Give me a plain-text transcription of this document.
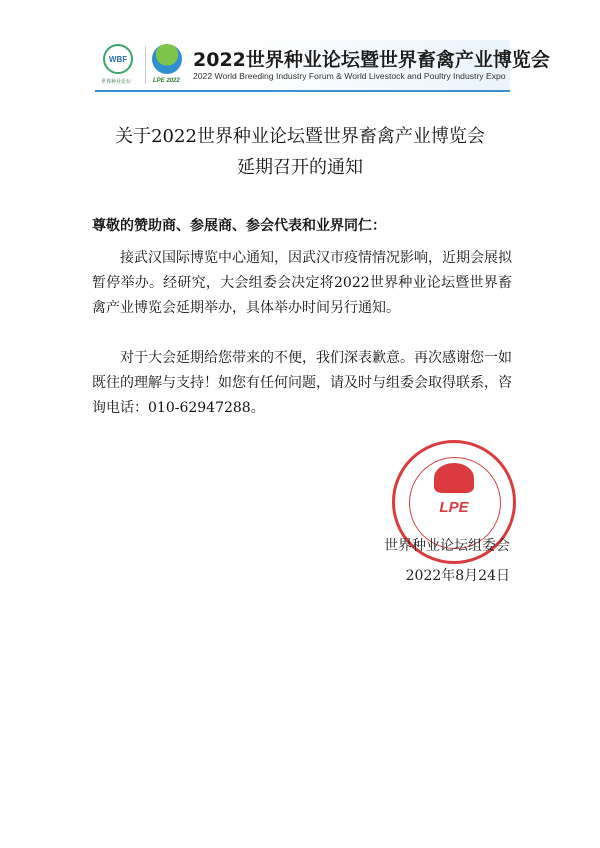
WBF
世界种业论坛	LPE 2022
2022世界种业论坛暨世界畜禽产业博览会
2022 World Breeding Industry Forum & World Livestock and Poultry Industry Expo
关于2022世界种业论坛暨世界畜禽产业博览会
延期召开的通知
尊敬的赞助商、参展商、参会代表和业界同仁：
接武汉国际博览中心通知，因武汉市疫情情况影响，近期会展拟暂停举办。经研究，大会组委会决定将2022世界种业论坛暨世界畜禽产业博览会延期举办，具体举办时间另行通知。
对于大会延期给您带来的不便，我们深表歉意。再次感谢您一如既往的理解与支持！如您有任何问题，请及时与组委会取得联系，咨询电话：010-62947288。
LPE
世界种业论坛组委会
2022年8月24日
